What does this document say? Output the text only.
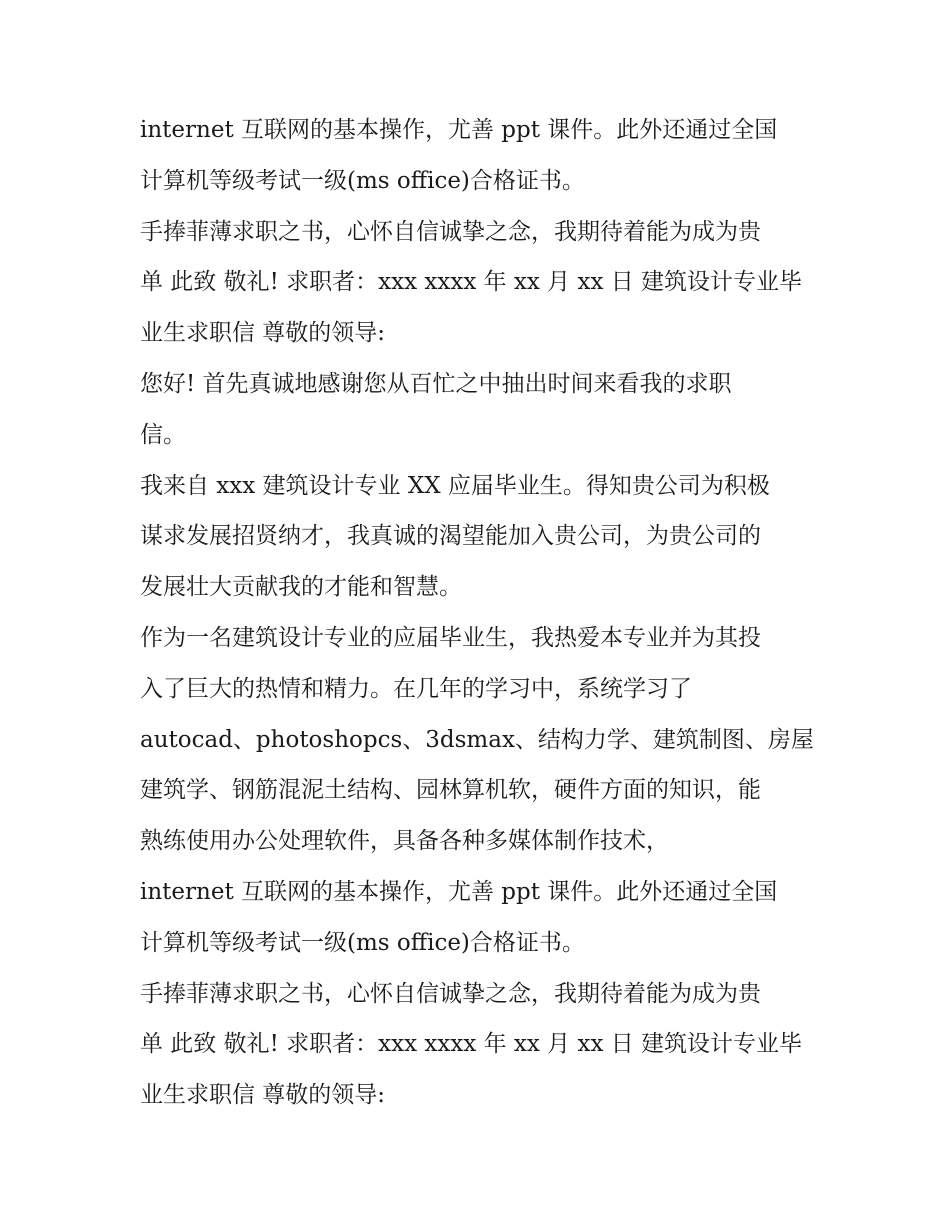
internet 互联网的基本操作，尤善 ppt 课件。此外还通过全国
计算机等级考试一级(ms office)合格证书。
手捧菲薄求职之书，心怀自信诚挚之念，我期待着能为成为贵
单 此致 敬礼! 求职者：xxx xxxx 年 xx 月 xx 日 建筑设计专业毕
业生求职信 尊敬的领导:
您好! 首先真诚地感谢您从百忙之中抽出时间来看我的求职
信。
我来自 xxx 建筑设计专业 XX 应届毕业生。得知贵公司为积极
谋求发展招贤纳才，我真诚的渴望能加入贵公司，为贵公司的
发展壮大贡献我的才能和智慧。
作为一名建筑设计专业的应届毕业生，我热爱本专业并为其投
入了巨大的热情和精力。在几年的学习中，系统学习了
autocad、photoshopcs、3dsmax、结构力学、建筑制图、房屋
建筑学、钢筋混泥土结构、园林算机软，硬件方面的知识，能
熟练使用办公处理软件，具备各种多媒体制作技术，
internet 互联网的基本操作，尤善 ppt 课件。此外还通过全国
计算机等级考试一级(ms office)合格证书。
手捧菲薄求职之书，心怀自信诚挚之念，我期待着能为成为贵
单 此致 敬礼! 求职者：xxx xxxx 年 xx 月 xx 日 建筑设计专业毕
业生求职信 尊敬的领导:
